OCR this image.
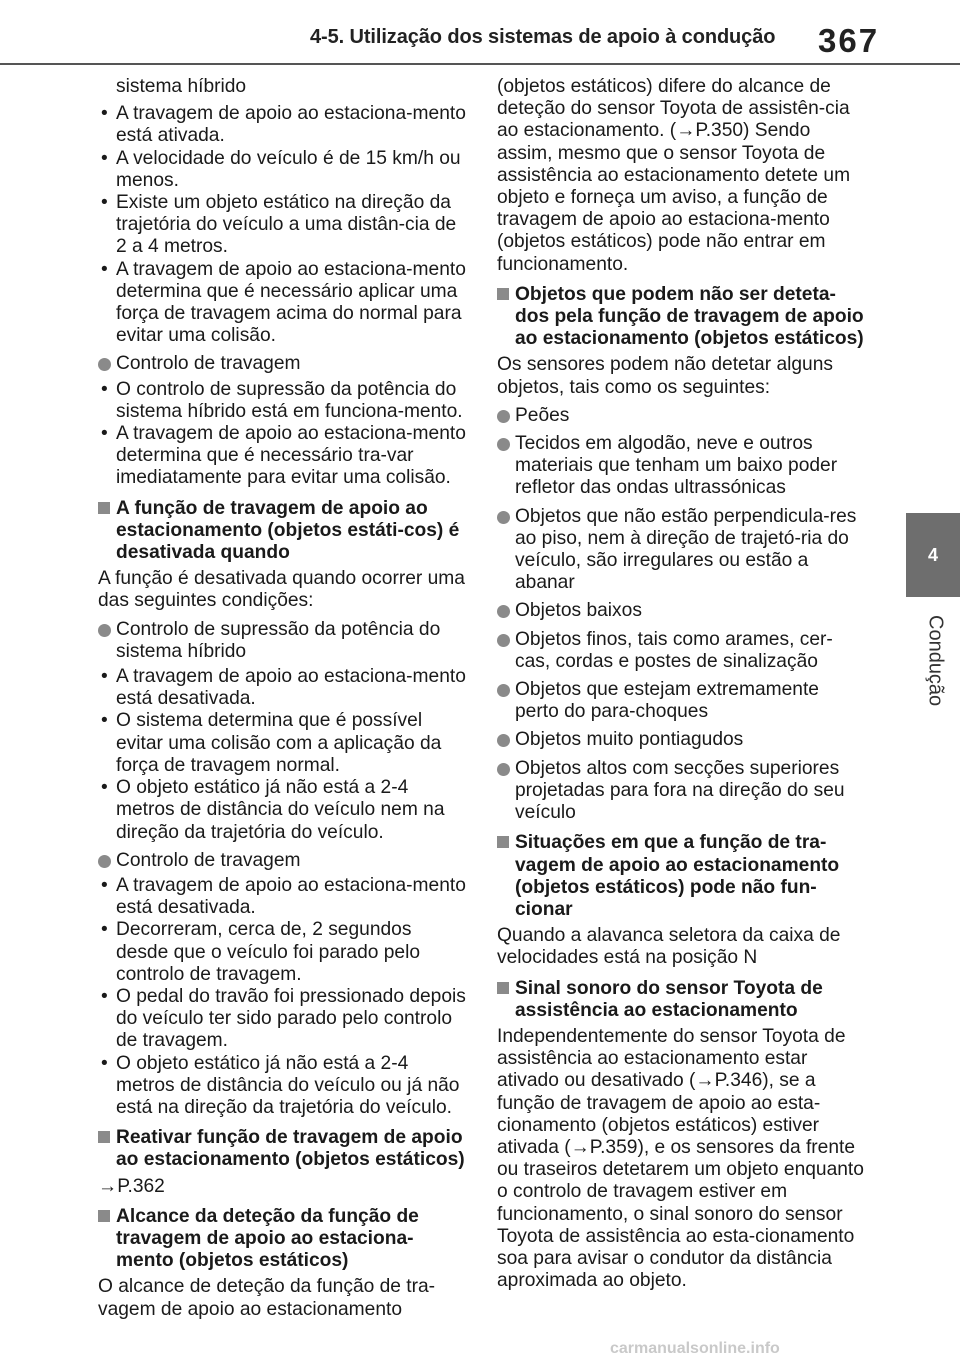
4-5. Utilização dos sistemas de apoio à condução	367
4
Condução

sistema híbrido

• A travagem de apoio ao estaciona-mento está ativada.

• A velocidade do veículo é de 15 km/h ou menos.

• Existe um objeto estático na direção da trajetória do veículo a uma distân-cia de 2 a 4 metros.

• A travagem de apoio ao estaciona-mento determina que é necessário aplicar uma força de travagem acima do normal para evitar uma colisão.

Controlo de travagem

• O controlo de supressão da potência do sistema híbrido está em funciona-mento.

• A travagem de apoio ao estaciona-mento determina que é necessário tra-var imediatamente para evitar uma colisão.

A função de travagem de apoio ao estacionamento (objetos estáti-cos) é desativada quando

A função é desativada quando ocorrer uma das seguintes condições:

Controlo de supressão da potência do sistema híbrido

• A travagem de apoio ao estaciona-mento está desativada.

• O sistema determina que é possível evitar uma colisão com a aplicação da força de travagem normal.

• O objeto estático já não está a 2-4 metros de distância do veículo nem na direção da trajetória do veículo.

Controlo de travagem

• A travagem de apoio ao estaciona-mento está desativada.

• Decorreram, cerca de, 2 segundos desde que o veículo foi parado pelo controlo de travagem.

• O pedal do travão foi pressionado depois do veículo ter sido parado pelo controlo de travagem.

• O objeto estático já não está a 2-4 metros de distância do veículo ou já não está na direção da trajetória do veículo.

Reativar função de travagem de apoio ao estacionamento (objetos estáticos)

→P.362

Alcance da deteção da função de travagem de apoio ao estaciona-mento (objetos estáticos)

O alcance de deteção da função de tra-vagem de apoio ao estacionamento

(objetos estáticos) difere do alcance de deteção do sensor Toyota de assistên-cia ao estacionamento. (→P.350) Sendo assim, mesmo que o sensor Toyota de assistência ao estacionamento detete um objeto e forneça um aviso, a função de travagem de apoio ao estaciona-mento (objetos estáticos) pode não entrar em funcionamento.

Objetos que podem não ser deteta-dos pela função de travagem de apoio ao estacionamento (objetos estáticos)

Os sensores podem não detetar alguns objetos, tais como os seguintes:

Peões
Tecidos em algodão, neve e outros materiais que tenham um baixo poder refletor das ondas ultrassónicas
Objetos que não estão perpendicula-res ao piso, nem à direção de trajetó-ria do veículo, são irregulares ou estão a abanar
Objetos baixos
Objetos finos, tais como arames, cer-cas, cordas e postes de sinalização
Objetos que estejam extremamente perto do para-choques
Objetos muito pontiagudos
Objetos altos com secções superiores projetadas para fora na direção do seu veículo
Situações em que a função de tra-vagem de apoio ao estacionamento (objetos estáticos) pode não fun-cionar

Quando a alavanca seletora da caixa de velocidades está na posição N

Sinal sonoro do sensor Toyota de assistência ao estacionamento

Independentemente do sensor Toyota de assistência ao estacionamento estar ativado ou desativado (→P.346), se a função de travagem de apoio ao esta-cionamento (objetos estáticos) estiver ativada (→P.359), e os sensores da frente ou traseiros detetarem um objeto enquanto o controlo de travagem estiver em funcionamento, o sinal sonoro do sensor Toyota de assistência ao esta-cionamento soa para avisar o condutor da distância aproximada ao objeto.

carmanualsonline.info
